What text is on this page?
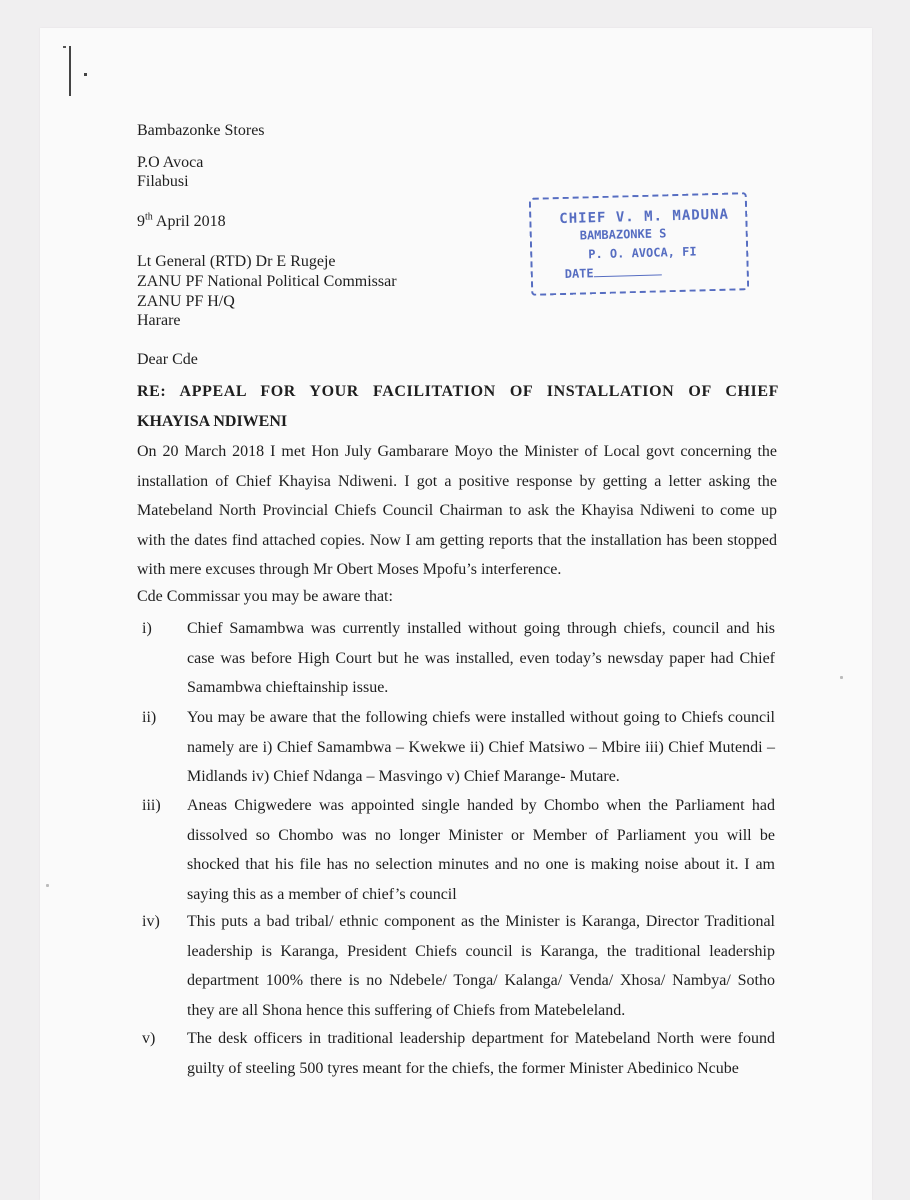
Bambazonke Stores
P.O Avoca
Filabusi
9th April 2018	CHIEF V. M. MADUNA
BAMBAZONKE S
P. O. AVOCA, FI
DATE
Lt General (RTD) Dr E Rugeje
ZANU PF National Political Commissar
ZANU PF H/Q
Harare
Dear Cde
RE: APPEAL FOR YOUR FACILITATION OF INSTALLATION OF CHIEF
KHAYISA NDIWENI
On 20 March 2018 I met Hon July Gambarare Moyo the Minister of Local govt concerning the installation of Chief Khayisa Ndiweni. I got a positive response by getting a letter asking the Matebeland North Provincial Chiefs Council Chairman to ask the Khayisa Ndiweni to come up with the dates find attached copies. Now I am getting reports that the installation has been stopped with mere excuses through Mr Obert Moses Mpofu’s interference.
Cde Commissar you may be aware that:
i) Chief Samambwa was currently installed without going through chiefs, council and his case was before High Court but he was installed, even today’s newsday paper had Chief Samambwa chieftainship issue.
ii) You may be aware that the following chiefs were installed without going to Chiefs council namely are i) Chief Samambwa – Kwekwe ii) Chief Matsiwo – Mbire iii) Chief Mutendi – Midlands iv) Chief Ndanga – Masvingo v) Chief Marange- Mutare.
iii) Aneas Chigwedere was appointed single handed by Chombo when the Parliament had dissolved so Chombo was no longer Minister or Member of Parliament you will be shocked that his file has no selection minutes and no one is making noise about it. I am saying this as a member of chief’s council
iv) This puts a bad tribal/ ethnic component as the Minister is Karanga, Director Traditional leadership is Karanga, President Chiefs council is Karanga, the traditional leadership department 100% there is no Ndebele/ Tonga/ Kalanga/ Venda/ Xhosa/ Nambya/ Sotho they are all Shona hence this suffering of Chiefs from Matebeleland.
v) The desk officers in traditional leadership department for Matebeland North were found guilty of steeling 500 tyres meant for the chiefs, the former Minister Abedinico Ncube
